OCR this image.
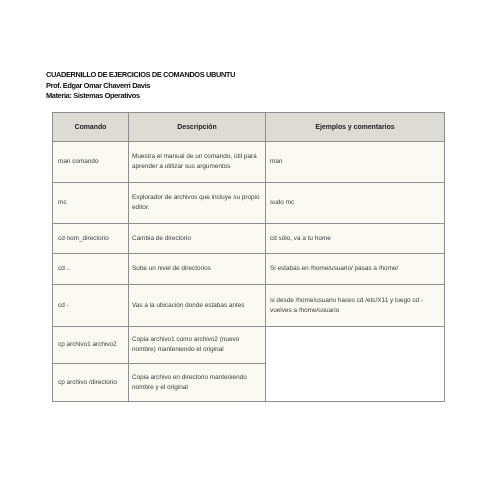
CUADERNILLO DE EJERCICIOS DE COMANDOS UBUNTU
Prof. Edgar Omar Chaverri Davis
Materia: Sistemas Operativos
Comando	Descripción	Ejemplos y comentarios
man comando	Muestra el manual de un comando, útil para aprender a utilizar sus argumentos	man
mc	Explorador de archivos que incluye su propio editor.	sudo mc
cd nom_directorio	Cambia de directorio	cd sólo, va a tu home
cd ..	Sube un nivel de directorios	Si estabas en /home/usuario/ pasas a /home/
cd -	Vas a la ubicación donde estabas antes	si desde /home/usuario haces cd /etc/X11 y luego cd - vuelves a /home/usuario
cp archivo1 archivo2	Copia archivo1 como archivo2 (nuevo nombre) manteniendo el original	
cp archivo /directorio	Copia archivo en directorio manteniendo nombre y el original	
